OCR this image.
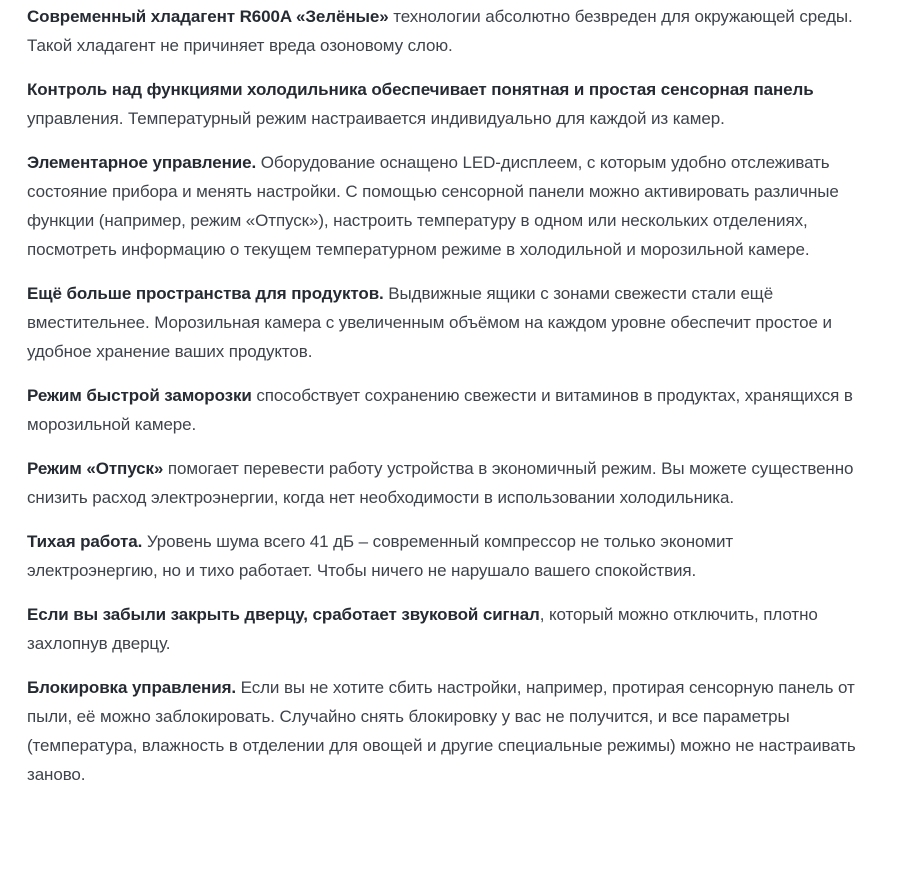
Современный хладагент R600A «Зелёные» технологии абсолютно безвреден для окружающей среды. Такой хладагент не причиняет вреда озоновому слою.

Контроль над функциями холодильника обеспечивает понятная и простая сенсорная панель управления. Температурный режим настраивается индивидуально для каждой из камер.

Элементарное управление. Оборудование оснащено LED-дисплеем, с которым удобно отслеживать состояние прибора и менять настройки. С помощью сенсорной панели можно активировать различные функции (например, режим «Отпуск»), настроить температуру в одном или нескольких отделениях, посмотреть информацию о текущем температурном режиме в холодильной и морозильной камере.

Ещё больше пространства для продуктов. Выдвижные ящики с зонами свежести стали ещё вместительнее. Морозильная камера с увеличенным объёмом на каждом уровне обеспечит простое и удобное хранение ваших продуктов.

Режим быстрой заморозки способствует сохранению свежести и витаминов в продуктах, хранящихся в морозильной камере.

Режим «Отпуск» помогает перевести работу устройства в экономичный режим. Вы можете существенно снизить расход электроэнергии, когда нет необходимости в использовании холодильника.

Тихая работа. Уровень шума всего 41 дБ – современный компрессор не только экономит электроэнергию, но и тихо работает. Чтобы ничего не нарушало вашего спокойствия.

Если вы забыли закрыть дверцу, сработает звуковой сигнал, который можно отключить, плотно захлопнув дверцу.

Блокировка управления. Если вы не хотите сбить настройки, например, протирая сенсорную панель от пыли, её можно заблокировать. Случайно снять блокировку у вас не получится, и все параметры (температура, влажность в отделении для овощей и другие специальные режимы) можно не настраивать заново.
